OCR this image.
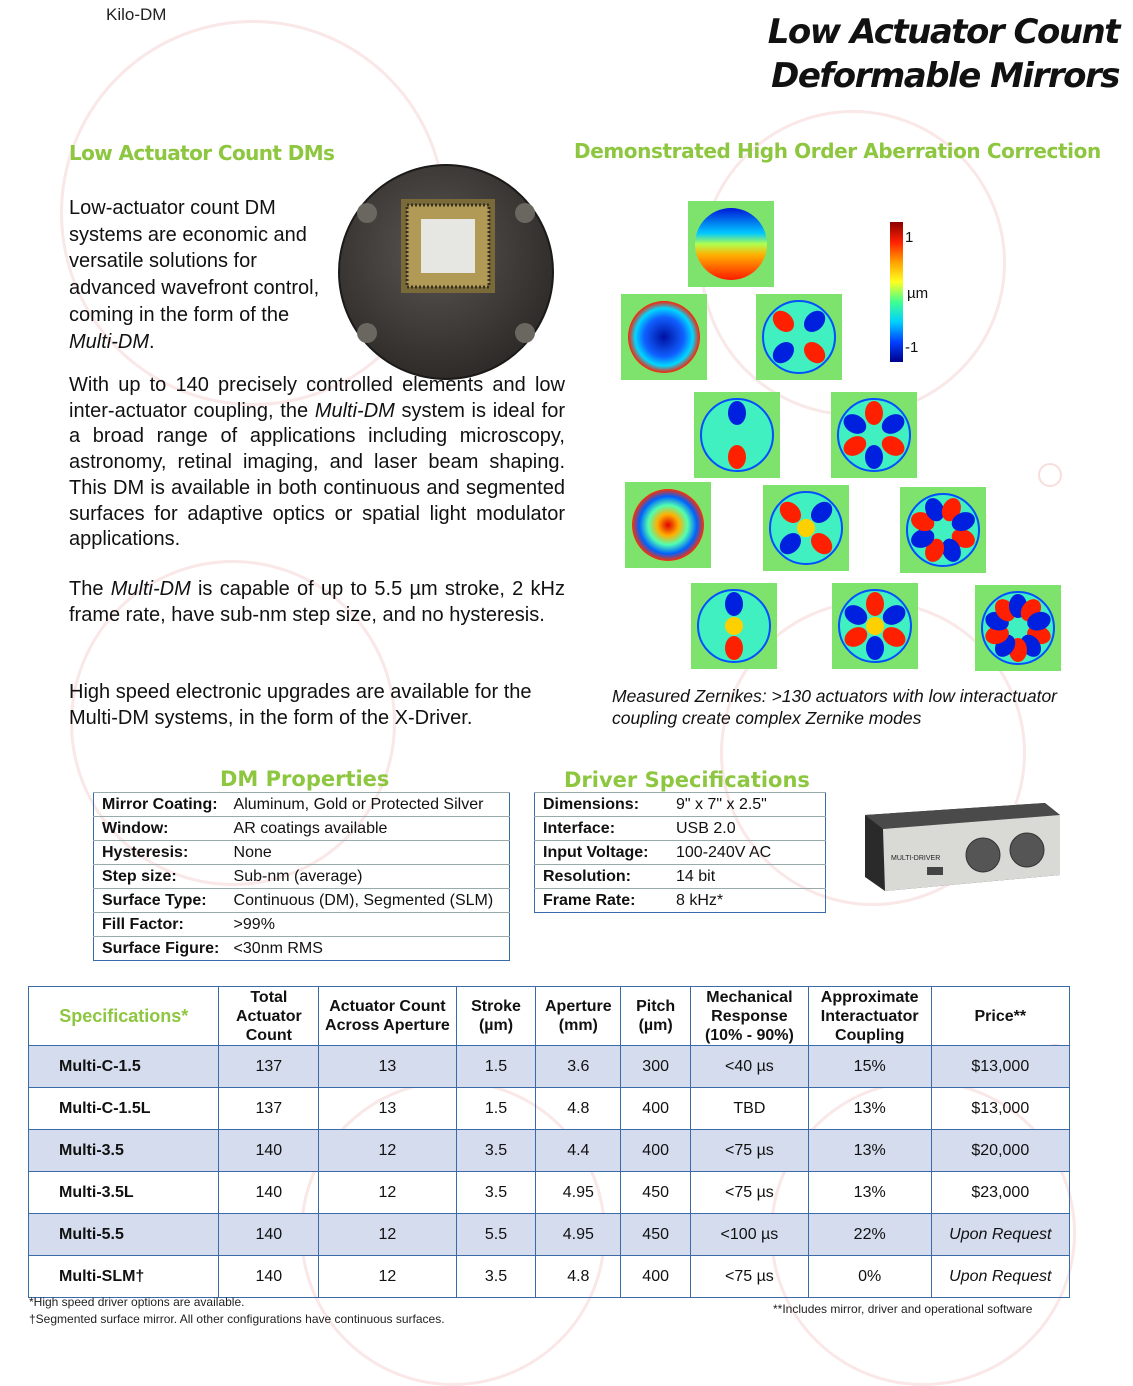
Kilo-DM	Low Actuator Count
Deformable Mirrors
Low Actuator Count DMs
Low-actuator count DM systems are economic and versatile solutions for advanced wavefront control, coming in the form of the Multi-DM.
With up to 140 precisely controlled elements and low inter-actuator coupling, the Multi-DM system is ideal for a broad range of applications including microscopy, astronomy, retinal imaging, and laser beam shaping. This DM is available in both continuous and segmented surfaces for adaptive optics or spatial light modulator applications.
The Multi-DM is capable of up to 5.5 µm stroke, 2 kHz frame rate, have sub-nm step size, and no hysteresis.
High speed electronic upgrades are available for the Multi-DM systems, in the form of the X-Driver.
Demonstrated High Order Aberration Correction
1
µm
-1
Measured Zernikes: >130 actuators with low interactuator coupling create complex Zernike modes
DM Properties
Mirror Coating:	Aluminum, Gold or Protected Silver
Window:	AR coatings available
Hysteresis:	None
Step size:	Sub-nm (average)
Surface Type:	Continuous (DM), Segmented (SLM)
Fill Factor:	>99%
Surface Figure:	<30nm RMS
Driver Specifications
Dimensions:	9" x 7" x 2.5"
Interface:	USB 2.0
Input Voltage:	100-240V AC
Resolution:	14 bit
Frame Rate:	8 kHz*
MULTI-DRIVER
Specifications*	Total Actuator Count	Actuator Count Across Aperture	Stroke (µm)	Aperture (mm)	Pitch (µm)	Mechanical Response (10% - 90%)	Approximate Interactuator Coupling	Price**
Multi-C-1.5	137	13	1.5	3.6	300	<40 µs	15%	$13,000
Multi-C-1.5L	137	13	1.5	4.8	400	TBD	13%	$13,000
Multi-3.5	140	12	3.5	4.4	400	<75 µs	13%	$20,000
Multi-3.5L	140	12	3.5	4.95	450	<75 µs	13%	$23,000
Multi-5.5	140	12	5.5	4.95	450	<100 µs	22%	Upon Request
Multi-SLM†	140	12	3.5	4.8	400	<75 µs	0%	Upon Request
*High speed driver options are available.
†Segmented surface mirror. All other configurations have continuous surfaces.
**Includes mirror, driver and operational software
